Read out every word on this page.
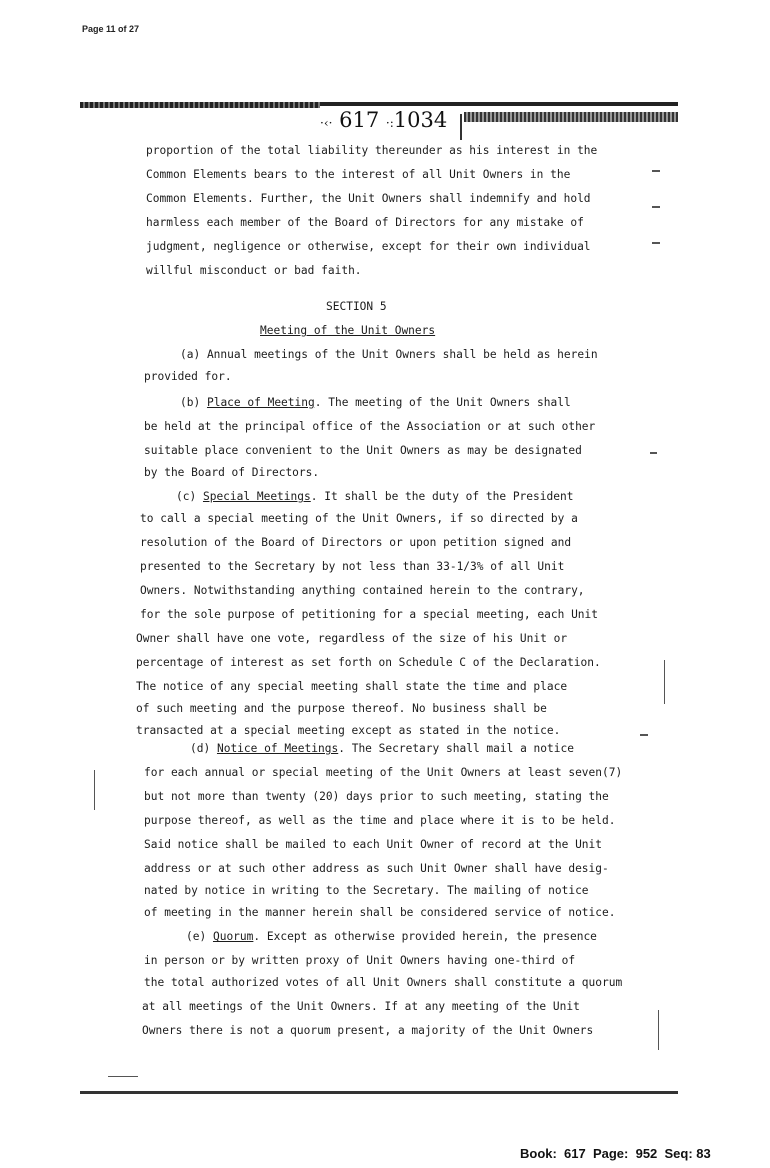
Page 11 of 27
·‹· 617 ·:1034
proportion of the total liability thereunder as his interest in the
Common Elements bears to the interest of all Unit Owners in the
Common Elements. Further, the Unit Owners shall indemnify and hold
harmless each member of the Board of Directors for any mistake of
judgment, negligence or otherwise, except for their own individual
willful misconduct or bad faith.
SECTION 5
Meeting of the Unit Owners
(a) Annual meetings of the Unit Owners shall be held as herein
provided for.
(b) Place of Meeting. The meeting of the Unit Owners shall
be held at the principal office of the Association or at such other
suitable place convenient to the Unit Owners as may be designated
by the Board of Directors.
(c) Special Meetings. It shall be the duty of the President
to call a special meeting of the Unit Owners, if so directed by a
resolution of the Board of Directors or upon petition signed and
presented to the Secretary by not less than 33-1/3% of all Unit
Owners. Notwithstanding anything contained herein to the contrary,
for the sole purpose of petitioning for a special meeting, each Unit
Owner shall have one vote, regardless of the size of his Unit or
percentage of interest as set forth on Schedule C of the Declaration.
The notice of any special meeting shall state the time and place
of such meeting and the purpose thereof. No business shall be
transacted at a special meeting except as stated in the notice.
(d) Notice of Meetings. The Secretary shall mail a notice
for each annual or special meeting of the Unit Owners at least seven(7)
but not more than twenty (20) days prior to such meeting, stating the
purpose thereof, as well as the time and place where it is to be held.
Said notice shall be mailed to each Unit Owner of record at the Unit
address or at such other address as such Unit Owner shall have desig-
nated by notice in writing to the Secretary. The mailing of notice
of meeting in the manner herein shall be considered service of notice.
(e) Quorum. Except as otherwise provided herein, the presence
in person or by written proxy of Unit Owners having one-third of
the total authorized votes of all Unit Owners shall constitute a quorum
at all meetings of the Unit Owners. If at any meeting of the Unit
Owners there is not a quorum present, a majority of the Unit Owners
Book:  617  Page:  952  Seq: 83
